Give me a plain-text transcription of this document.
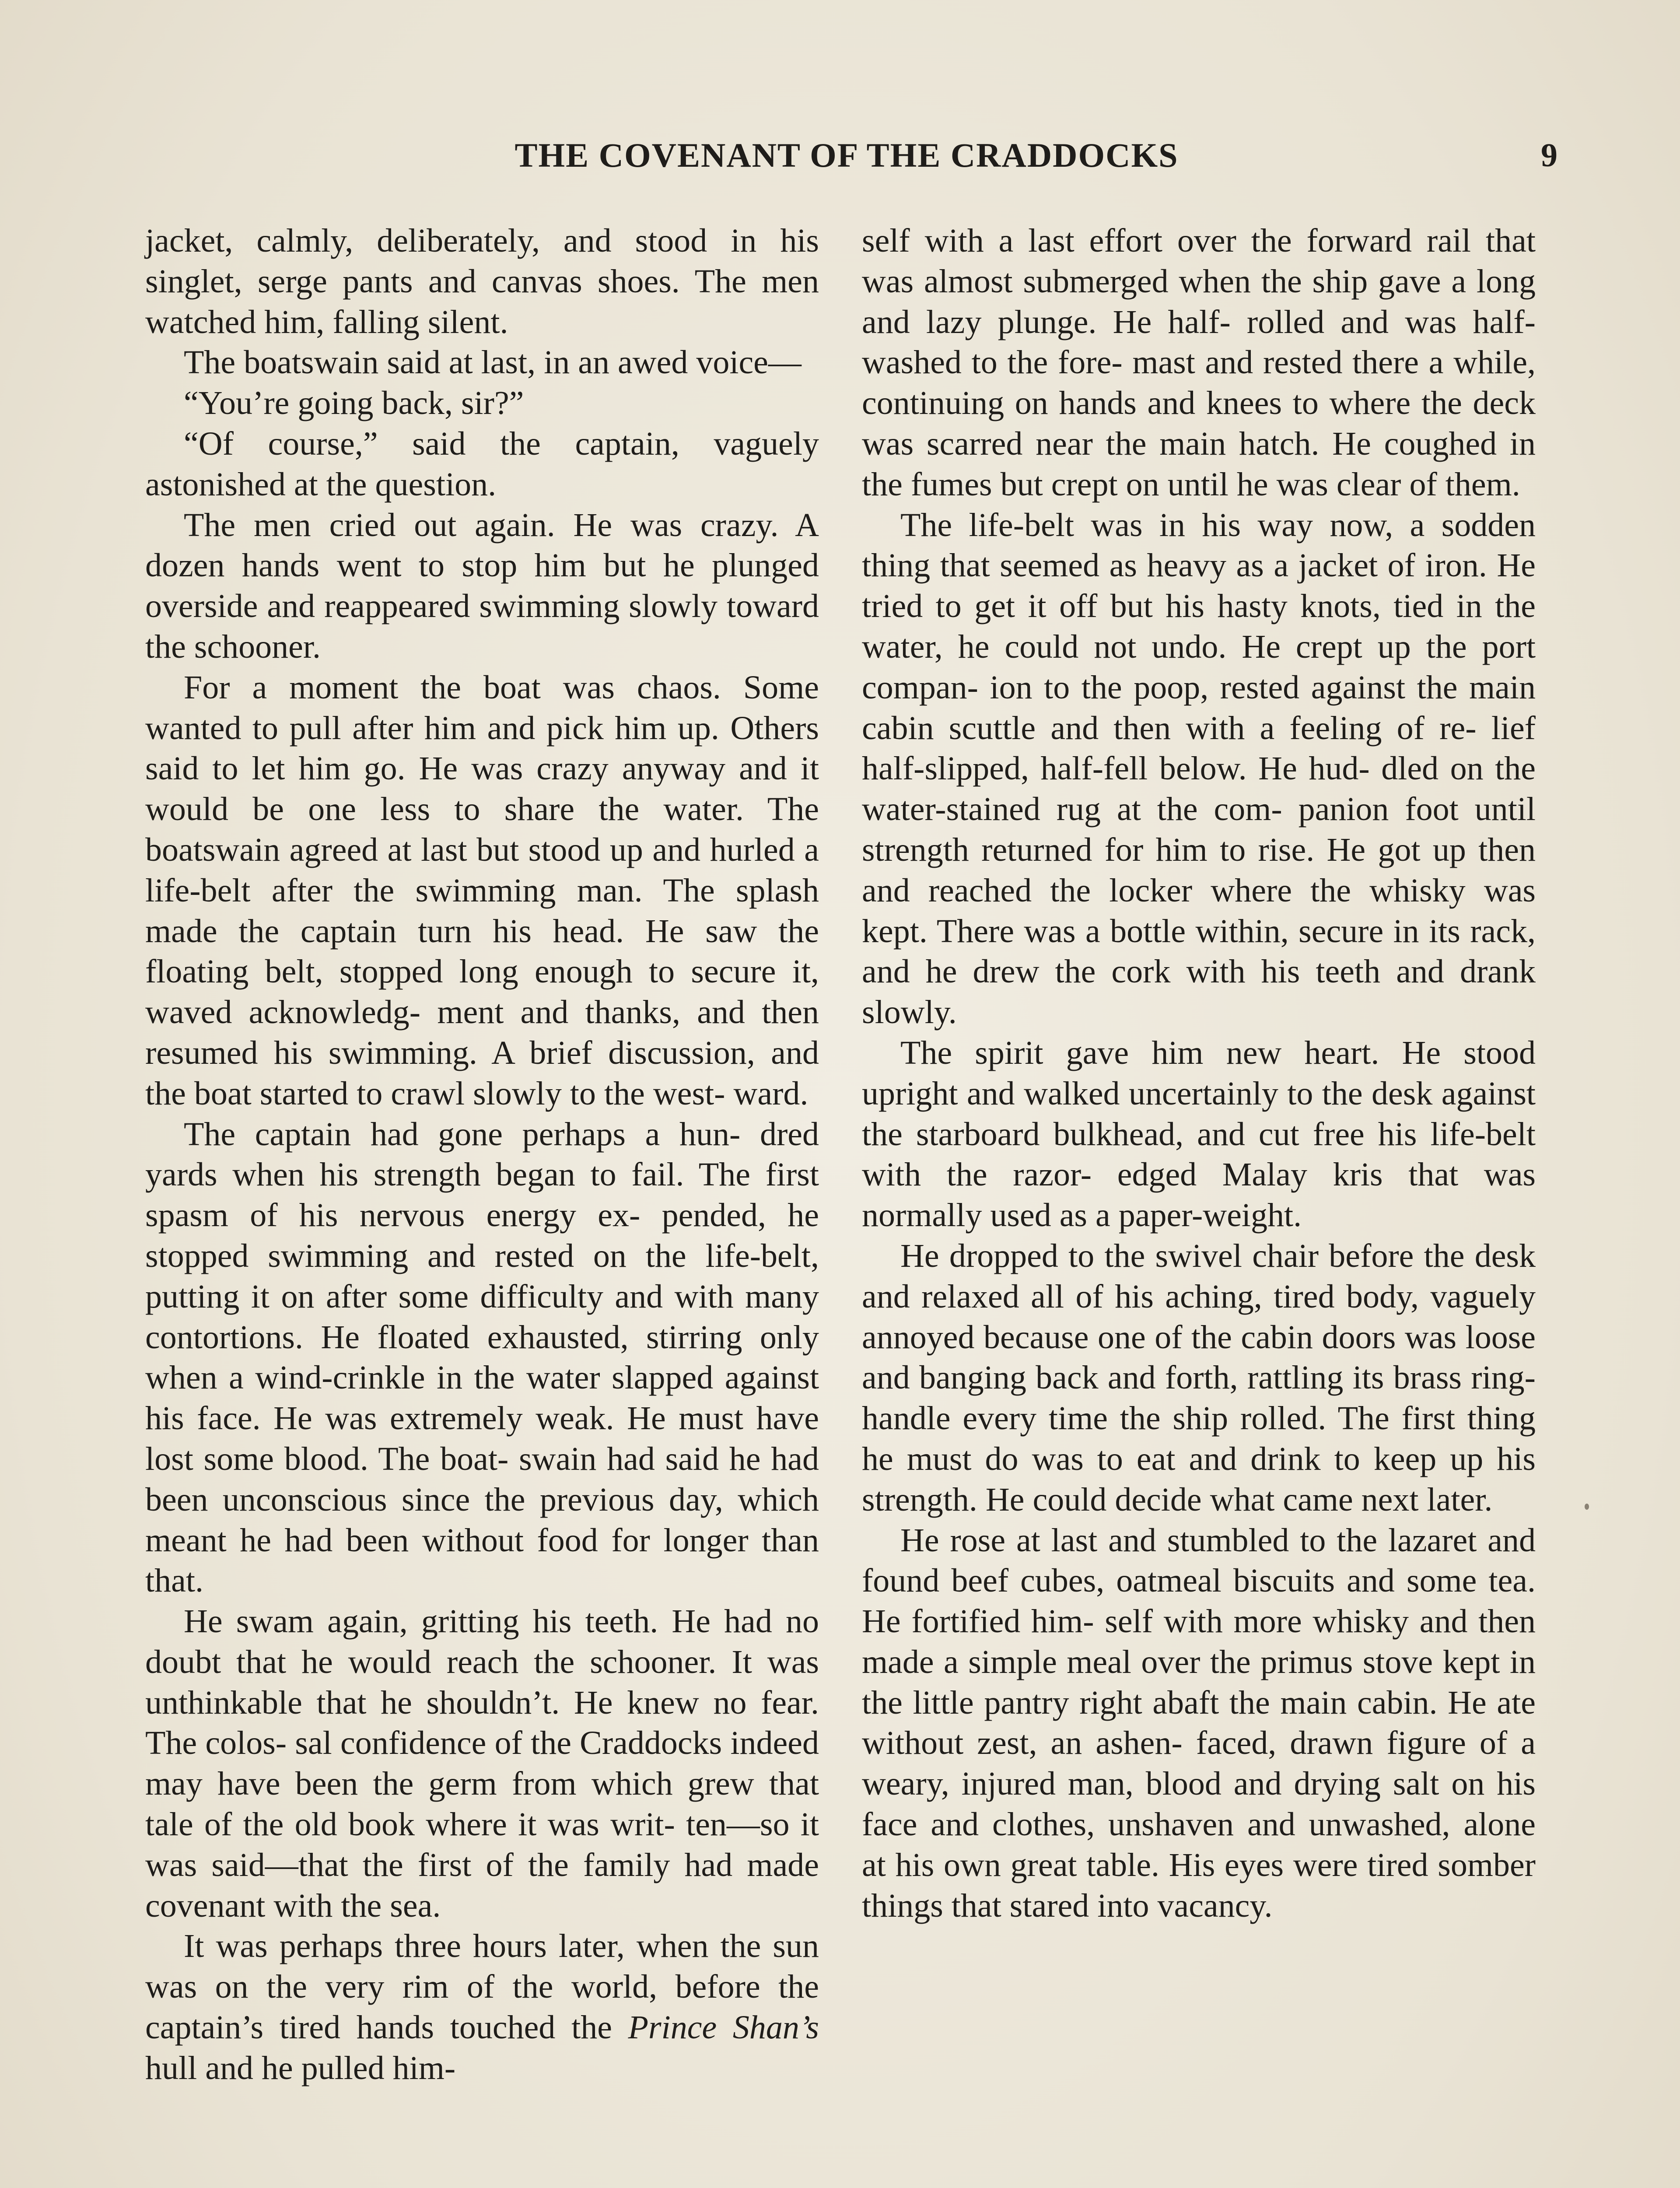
THE COVENANT OF THE CRADDOCKS	9

jacket, calmly, deliberately, and stood in his singlet, serge pants and canvas shoes. The men watched him, falling silent.

The boatswain said at last, in an awed voice—

“You’re going back, sir?”

“Of course,” said the captain, vaguely astonished at the question.

The men cried out again. He was crazy. A dozen hands went to stop him but he plunged overside and reappeared swimming slowly toward the schooner.

For a moment the boat was chaos. Some wanted to pull after him and pick him up. Others said to let him go. He was crazy anyway and it would be one less to share the water. The boatswain agreed at last but stood up and hurled a life-belt after the swimming man. The splash made the captain turn his head. He saw the floating belt, stopped long enough to secure it, waved acknowledg- ment and thanks, and then resumed his swimming. A brief discussion, and the boat started to crawl slowly to the west- ward.

The captain had gone perhaps a hun- dred yards when his strength began to fail. The first spasm of his nervous energy ex- pended, he stopped swimming and rested on the life-belt, putting it on after some difficulty and with many contortions. He floated exhausted, stirring only when a wind-crinkle in the water slapped against his face. He was extremely weak. He must have lost some blood. The boat- swain had said he had been unconscious since the previous day, which meant he had been without food for longer than that.

He swam again, gritting his teeth. He had no doubt that he would reach the schooner. It was unthinkable that he shouldn’t. He knew no fear. The colos- sal confidence of the Craddocks indeed may have been the germ from which grew that tale of the old book where it was writ- ten—so it was said—that the first of the family had made covenant with the sea.

It was perhaps three hours later, when the sun was on the very rim of the world, before the captain’s tired hands touched the Prince Shan’s hull and he pulled him-

self with a last effort over the forward rail that was almost submerged when the ship gave a long and lazy plunge. He half- rolled and was half-washed to the fore- mast and rested there a while, continuing on hands and knees to where the deck was scarred near the main hatch. He coughed in the fumes but crept on until he was clear of them.

The life-belt was in his way now, a sodden thing that seemed as heavy as a jacket of iron. He tried to get it off but his hasty knots, tied in the water, he could not undo. He crept up the port compan- ion to the poop, rested against the main cabin scuttle and then with a feeling of re- lief half-slipped, half-fell below. He hud- dled on the water-stained rug at the com- panion foot until strength returned for him to rise. He got up then and reached the locker where the whisky was kept. There was a bottle within, secure in its rack, and he drew the cork with his teeth and drank slowly.

The spirit gave him new heart. He stood upright and walked uncertainly to the desk against the starboard bulkhead, and cut free his life-belt with the razor- edged Malay kris that was normally used as a paper-weight.

He dropped to the swivel chair before the desk and relaxed all of his aching, tired body, vaguely annoyed because one of the cabin doors was loose and banging back and forth, rattling its brass ring- handle every time the ship rolled. The first thing he must do was to eat and drink to keep up his strength. He could decide what came next later.

He rose at last and stumbled to the lazaret and found beef cubes, oatmeal biscuits and some tea. He fortified him- self with more whisky and then made a simple meal over the primus stove kept in the little pantry right abaft the main cabin. He ate without zest, an ashen- faced, drawn figure of a weary, injured man, blood and drying salt on his face and clothes, unshaven and unwashed, alone at his own great table. His eyes were tired somber things that stared into vacancy.
